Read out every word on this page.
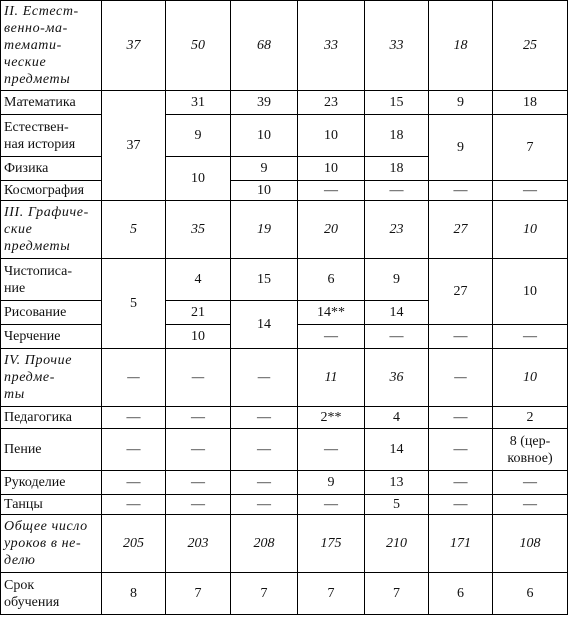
II. Естест-
венно-ма-
темати-
ческие
предметы	37	50	68	33	33	18	25
Математика	37	31	39	23	15	9	18
Естествен-
ная история		9	10	10	18	9	7
Физика		10	9	10	18		
Космография			10	—	—	—	—
III. Графиче-
ские
предметы	5	35	19	20	23	27	10
Чистописа-
ние	5	4	15	6	9	27	10
Рисование		21	14	14**	14		
Черчение		10		—	—	—	—
IV. Прочие
предме-
ты	—	—	—	11	36	—	10
Педагогика	—	—	—	2**	4	—	2
Пение	—	—	—	—	14	—	8 (цер-
ковное)
Рукоделие	—	—	—	9	13	—	—
Танцы	—	—	—	—	5	—	—
Общее число
уроков в не-
делю	205	203	208	175	210	171	108
Срок
обучения	8	7	7	7	7	6	6
